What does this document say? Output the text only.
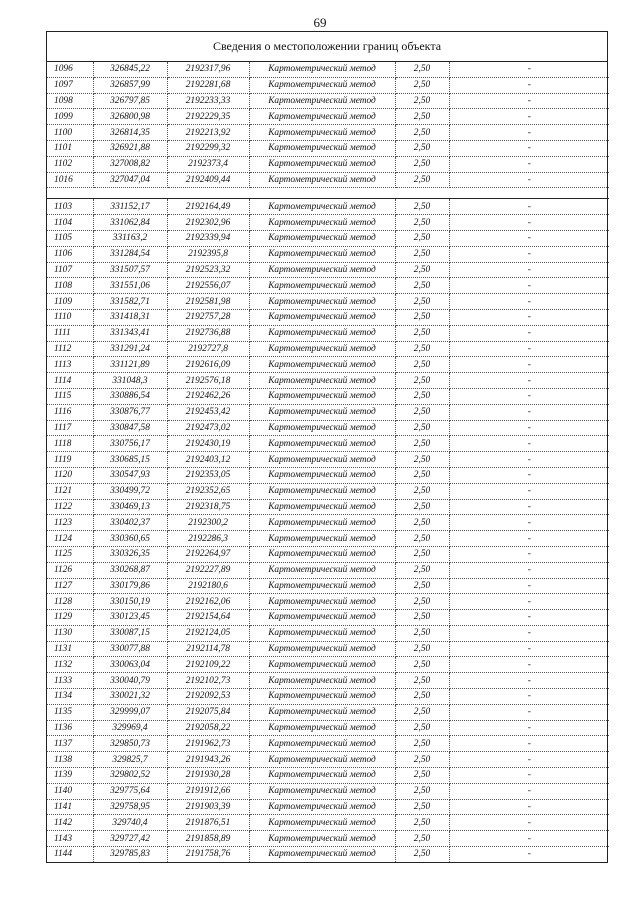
69
Сведения о местоположении границ объекта
1096	326845,22	2192317,96	Картометрический метод	2,50	-
1097	326857,99	2192281,68	Картометрический метод	2,50	-
1098	326797,85	2192233,33	Картометрический метод	2,50	-
1099	326800,98	2192229,35	Картометрический метод	2,50	-
1100	326814,35	2192213,92	Картометрический метод	2,50	-
1101	326921,88	2192299,32	Картометрический метод	2,50	-
1102	327008,82	2192373,4	Картометрический метод	2,50	-
1016	327047,04	2192409,44	Картометрический метод	2,50	-

1103	331152,17	2192164,49	Картометрический метод	2,50	-
1104	331062,84	2192302,96	Картометрический метод	2,50	-
1105	331163,2	2192339,94	Картометрический метод	2,50	-
1106	331284,54	2192395,8	Картометрический метод	2,50	-
1107	331507,57	2192523,32	Картометрический метод	2,50	-
1108	331551,06	2192556,07	Картометрический метод	2,50	-
1109	331582,71	2192581,98	Картометрический метод	2,50	-
1110	331418,31	2192757,28	Картометрический метод	2,50	-
1111	331343,41	2192736,88	Картометрический метод	2,50	-
1112	331291,24	2192727,8	Картометрический метод	2,50	-
1113	331121,89	2192616,09	Картометрический метод	2,50	-
1114	331048,3	2192576,18	Картометрический метод	2,50	-
1115	330886,54	2192462,26	Картометрический метод	2,50	-
1116	330876,77	2192453,42	Картометрический метод	2,50	-
1117	330847,58	2192473,02	Картометрический метод	2,50	-
1118	330756,17	2192430,19	Картометрический метод	2,50	-
1119	330685,15	2192403,12	Картометрический метод	2,50	-
1120	330547,93	2192353,05	Картометрический метод	2,50	-
1121	330499,72	2192352,65	Картометрический метод	2,50	-
1122	330469,13	2192318,75	Картометрический метод	2,50	-
1123	330402,37	2192300,2	Картометрический метод	2,50	-
1124	330360,65	2192286,3	Картометрический метод	2,50	-
1125	330326,35	2192264,97	Картометрический метод	2,50	-
1126	330268,87	2192227,89	Картометрический метод	2,50	-
1127	330179,86	2192180,6	Картометрический метод	2,50	-
1128	330150,19	2192162,06	Картометрический метод	2,50	-
1129	330123,45	2192154,64	Картометрический метод	2,50	-
1130	330087,15	2192124,05	Картометрический метод	2,50	-
1131	330077,88	2192114,78	Картометрический метод	2,50	-
1132	330063,04	2192109,22	Картометрический метод	2,50	-
1133	330040,79	2192102,73	Картометрический метод	2,50	-
1134	330021,32	2192092,53	Картометрический метод	2,50	-
1135	329999,07	2192075,84	Картометрический метод	2,50	-
1136	329969,4	2192058,22	Картометрический метод	2,50	-
1137	329850,73	2191962,73	Картометрический метод	2,50	-
1138	329825,7	2191943,26	Картометрический метод	2,50	-
1139	329802,52	2191930,28	Картометрический метод	2,50	-
1140	329775,64	2191912,66	Картометрический метод	2,50	-
1141	329758,95	2191903,39	Картометрический метод	2,50	-
1142	329740,4	2191876,51	Картометрический метод	2,50	-
1143	329727,42	2191858,89	Картометрический метод	2,50	-
1144	329785,83	2191758,76	Картометрический метод	2,50	-
